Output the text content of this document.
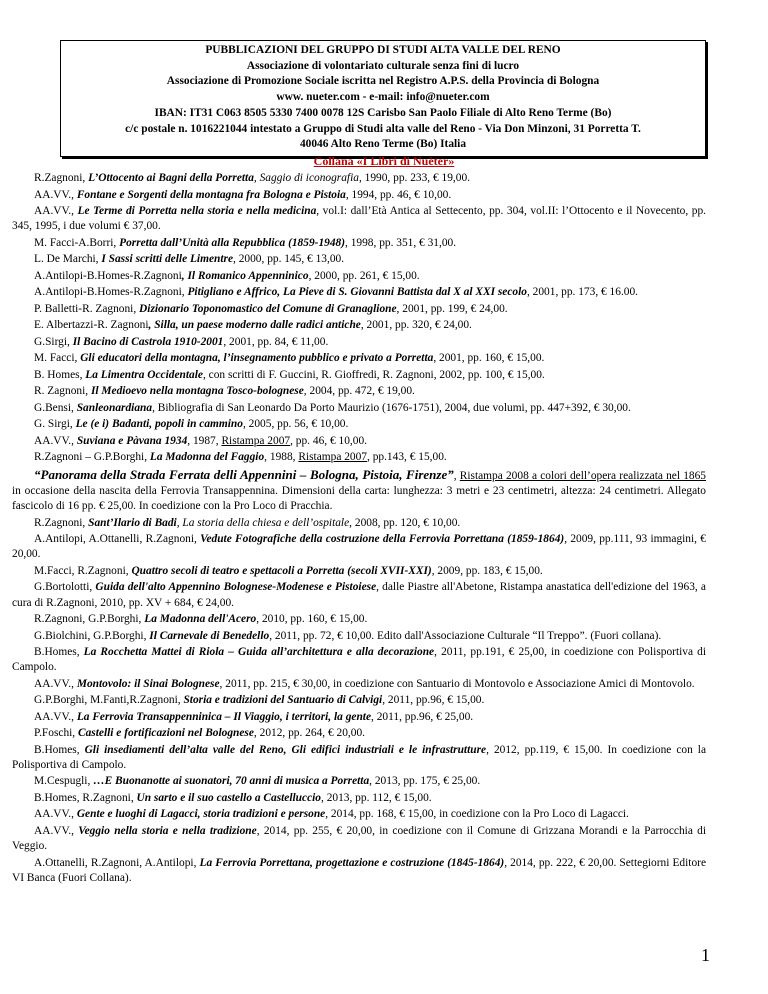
PUBBLICAZIONI DEL GRUPPO DI STUDI ALTA VALLE DEL RENO
Associazione di volontariato culturale senza fini di lucro
Associazione di Promozione Sociale iscritta nel Registro A.P.S. della Provincia di Bologna
www. nueter.com - e-mail: info@nueter.com
IBAN: IT31 C063 8505 5330 7400 0078 12S Carisbo San Paolo Filiale di Alto Reno Terme (Bo)
c/c postale n. 1016221044 intestato a Gruppo di Studi alta valle del Reno - Via Don Minzoni, 31 Porretta T.
40046 Alto Reno Terme (Bo) Italia
Collana «I Libri di Nuèter»
R.Zagnoni, L’Ottocento ai Bagni della Porretta, Saggio di iconografia, 1990, pp. 233, € 19,00.
AA.VV., Fontane e Sorgenti della montagna fra Bologna e Pistoia, 1994, pp. 46, € 10,00.
AA.VV., Le Terme di Porretta nella storia e nella medicina, vol.I: dall’Età Antica al Settecento, pp. 304, vol.II: l’Ottocento e il Novecento, pp. 345, 1995, i due volumi € 37,00.
M. Facci-A.Borri, Porretta dall’Unità alla Repubblica (1859-1948), 1998, pp. 351, € 31,00.
L. De Marchi, I Sassi scritti delle Limentre, 2000, pp. 145, € 13,00.
A.Antilopi-B.Homes-R.Zagnoni, Il Romanico Appenninico, 2000, pp. 261, € 15,00.
A.Antilopi-B.Homes-R.Zagnoni, Pitigliano e Affrico, La Pieve di S. Giovanni Battista dal X al XXI secolo, 2001, pp. 173, € 16.00.
P. Balletti-R. Zagnoni, Dizionario Toponomastico del Comune di Granaglione, 2001, pp. 199, € 24,00.
E. Albertazzi-R. Zagnoni, Silla, un paese moderno dalle radici antiche, 2001, pp. 320, € 24,00.
G.Sirgi, Il Bacino di Castrola 1910-2001, 2001, pp. 84, € 11,00.
M. Facci, Gli educatori della montagna, l’insegnamento pubblico e privato a Porretta, 2001, pp. 160, € 15,00.
B. Homes, La Limentra Occidentale, con scritti di F. Guccini, R. Gioffredi, R. Zagnoni, 2002, pp. 100, € 15,00.
R. Zagnoni, Il Medioevo nella montagna Tosco-bolognese, 2004, pp. 472, € 19,00.
G.Bensi, Sanleonardiana, Bibliografia di San Leonardo Da Porto Maurizio (1676-1751), 2004, due volumi, pp. 447+392, € 30,00.
G. Sirgi, Le (e i) Badanti, popoli in cammino, 2005, pp. 56, € 10,00.
AA.VV., Suviana e Pàvana 1934, 1987, Ristampa 2007, pp. 46, € 10,00.
R.Zagnoni – G.P.Borghi, La Madonna del Faggio, 1988, Ristampa 2007, pp.143, € 15,00.
“Panorama della Strada Ferrata delli Appennini – Bologna, Pistoia, Firenze”, Ristampa 2008 a colori dell’opera realizzata nel 1865 in occasione della nascita della Ferrovia Transappennina. Dimensioni della carta: lunghezza: 3 metri e 23 centimetri, altezza: 24 centimetri. Allegato fascicolo di 16 pp. € 25,00. In coedizione con la Pro Loco di Pracchia.
R.Zagnoni, Sant’Ilario di Badi, La storia della chiesa e dell’ospitale, 2008, pp. 120, € 10,00.
A.Antilopi, A.Ottanelli, R.Zagnoni, Vedute Fotografiche della costruzione della Ferrovia Porrettana (1859-1864), 2009, pp.111, 93 immagini, € 20,00.
M.Facci, R.Zagnoni, Quattro secoli di teatro e spettacoli a Porretta (secoli XVII-XXI), 2009, pp. 183, € 15,00.
G.Bortolotti, Guida dell'alto Appennino Bolognese-Modenese e Pistoiese, dalle Piastre all'Abetone, Ristampa anastatica dell'edizione del 1963, a cura di R.Zagnoni, 2010, pp. XV + 684, € 24,00.
R.Zagnoni, G.P.Borghi, La Madonna dell'Acero, 2010, pp. 160, € 15,00.
G.Biolchini, G.P.Borghi, Il Carnevale di Benedello, 2011, pp. 72, € 10,00. Edito dall'Associazione Culturale “Il Treppo”. (Fuori collana).
B.Homes, La Rocchetta Mattei di Riola – Guida all’architettura e alla decorazione, 2011, pp.191, € 25,00, in coedizione con Polisportiva di Campolo.
AA.VV., Montovolo: il Sinai Bolognese, 2011, pp. 215, € 30,00, in coedizione con Santuario di Montovolo e Associazione Amici di Montovolo.
G.P.Borghi, M.Fanti,R.Zagnoni, Storia e tradizioni del Santuario di Calvigi, 2011, pp.96, € 15,00.
AA.VV., La Ferrovia Transappenninica – Il Viaggio, i territori, la gente, 2011, pp.96, € 25,00.
P.Foschi, Castelli e fortificazioni nel Bolognese, 2012, pp. 264, € 20,00.
B.Homes, Gli insediamenti dell’alta valle del Reno, Gli edifici industriali e le infrastrutture, 2012, pp.119, € 15,00. In coedizione con la Polisportiva di Campolo.
M.Cespugli, …E Buonanotte ai suonatori, 70 anni di musica a Porretta, 2013, pp. 175, € 25,00.
B.Homes, R.Zagnoni, Un sarto e il suo castello a Castelluccio, 2013, pp. 112, € 15,00.
AA.VV., Gente e luoghi di Lagacci, storia tradizioni e persone, 2014, pp. 168, € 15,00, in coedizione con la Pro Loco di Lagacci.
AA.VV., Veggio nella storia e nella tradizione, 2014, pp. 255, € 20,00, in coedizione con il Comune di Grizzana Morandi e la Parrocchia di Veggio.
A.Ottanelli, R.Zagnoni, A.Antilopi, La Ferrovia Porrettana, progettazione e costruzione (1845-1864), 2014, pp. 222, € 20,00. Settegiorni Editore VI Banca (Fuori Collana).
1
